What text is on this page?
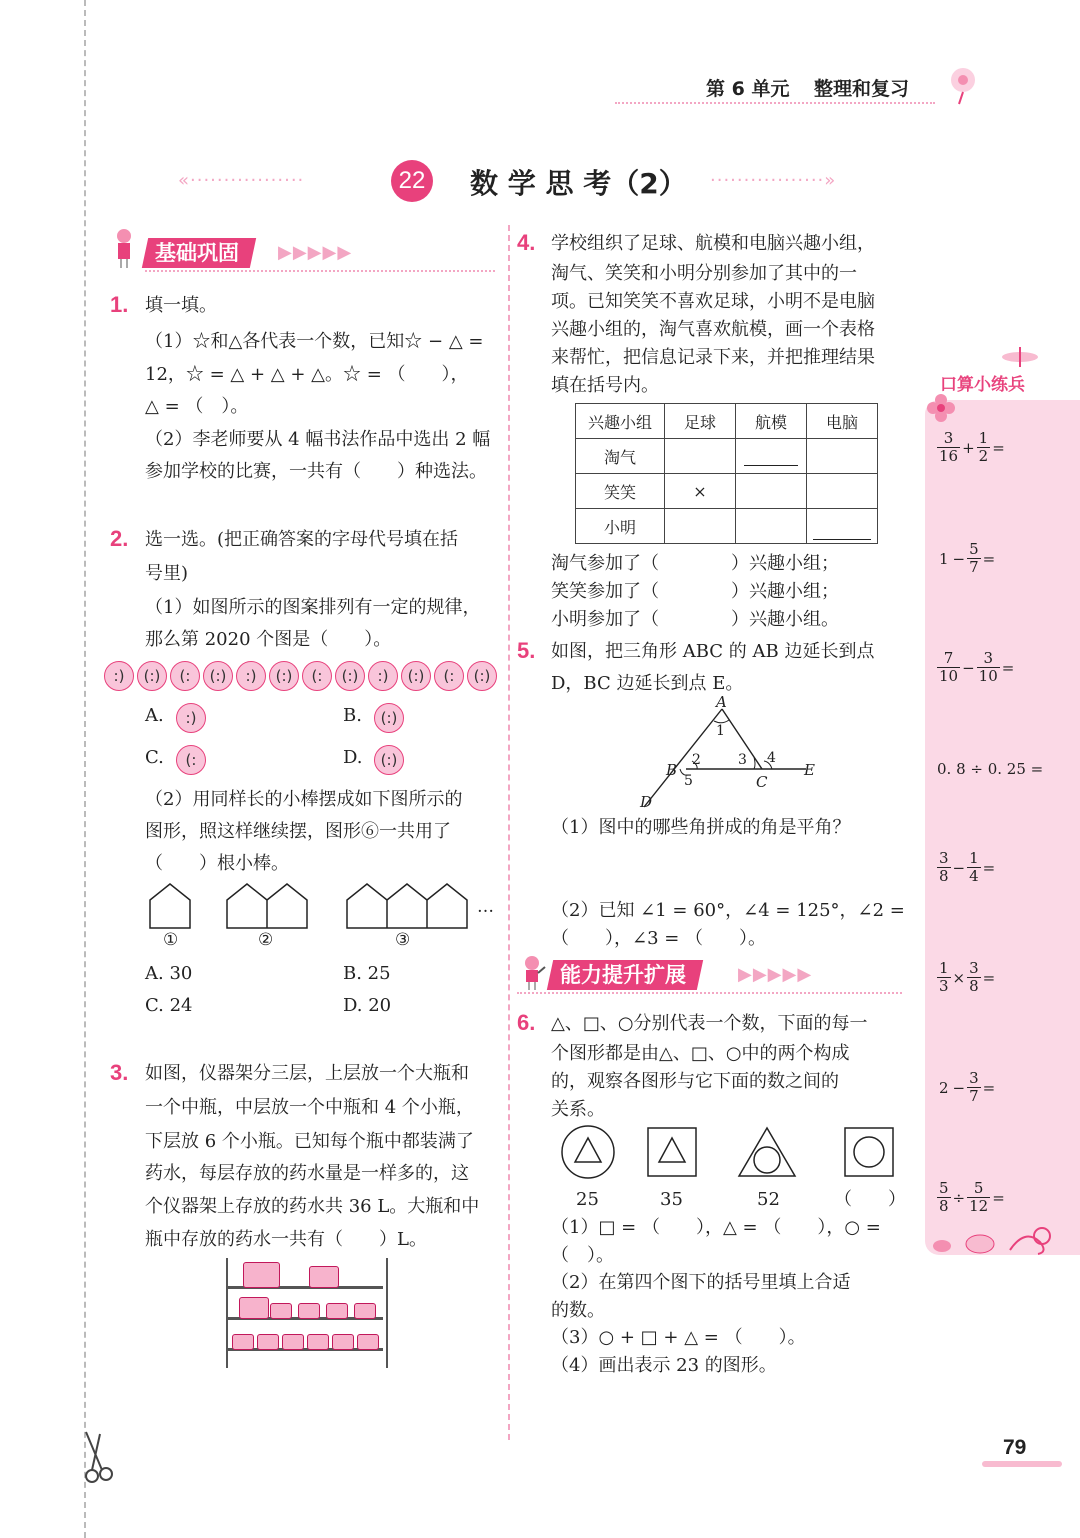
第 6 单元 整理和复习
«·················	22 数 学 思 考（2） ·················»
基础巩固	▶▶▶▶▶
1. 填一填。
（1）☆和△各代表一个数，已知☆ − △ =
12，☆ = △ + △ + △。☆ = （　　），
△ = （　）。
（2）李老师要从 4 幅书法作品中选出 2 幅
参加学校的比赛，一共有（　　）种选法。
2. 选一选。(把正确答案的字母代号填在括
号里)
（1）如图所示的图案排列有一定的规律，
那么第 2020 个图是（　　）。
:)	(:)	(:	(:)	:)	(:)	(:	(:)	:)	(:)	(:	(:)
A.	:)	B.	(:)
C.	(:	D.	(:)
（2）用同样长的小棒摆成如下图所示的
图形，照这样继续摆，图形⑥一共用了
（　　）根小棒。
①	②	③
…
A. 30	B. 25
C. 24	D. 20
3. 如图，仪器架分三层，上层放一个大瓶和
一个中瓶，中层放一个中瓶和 4 个小瓶，
下层放 6 个小瓶。已知每个瓶中都装满了
药水，每层存放的药水量是一样多的，这
个仪器架上存放的药水共 36 L。大瓶和中
瓶中存放的药水一共有（　　）L。
4. 学校组织了足球、航模和电脑兴趣小组，
淘气、笑笑和小明分别参加了其中的一
项。已知笑笑不喜欢足球，小明不是电脑
兴趣小组的，淘气喜欢航模，画一个表格
来帮忙，把信息记录下来，并把推理结果
填在括号内。
兴趣小组	足球	航模	电脑
淘气		

笑笑	×		
小明			
淘气参加了（　　　　）兴趣小组；
笑笑参加了（　　　　）兴趣小组；
小明参加了（　　　　）兴趣小组。
5. 如图，把三角形 ABC 的 AB 边延长到点
D，BC 边延长到点 E。
A
1
B
2
5
3 4
C
E
D
（1）图中的哪些角拼成的角是平角？
（2）已知 ∠1 = 60°，∠4 = 125°，∠2 =
（　　），∠3 = （　　）。
能力提升扩展	▶▶▶▶▶
6. △、□、○分别代表一个数，下面的每一
个图形都是由△、□、○中的两个构成
的，观察各图形与它下面的数之间的
关系。
25	35	52	（　　）
（1）□ = （　　），△ = （　　），○ =
（　）。
（2）在第四个图下的括号里填上合适
的数。
（3）○ + □ + △ = （　　）。
（4）画出表示 23 的图形。
口算小练兵
$\frac{3}{16} + \frac{1}{2}$ =
$1 - \frac{5}{7}$ =
$\frac{7}{10} - \frac{3}{10}$ =
0. 8 ÷ 0. 25 =
$\frac{3}{8} - \frac{1}{4}$ =
$\frac{1}{3} \times \frac{3}{8}$ =
$2 - \frac{3}{7}$ =
$\frac{5}{8} \div \frac{5}{12}$ =
79
